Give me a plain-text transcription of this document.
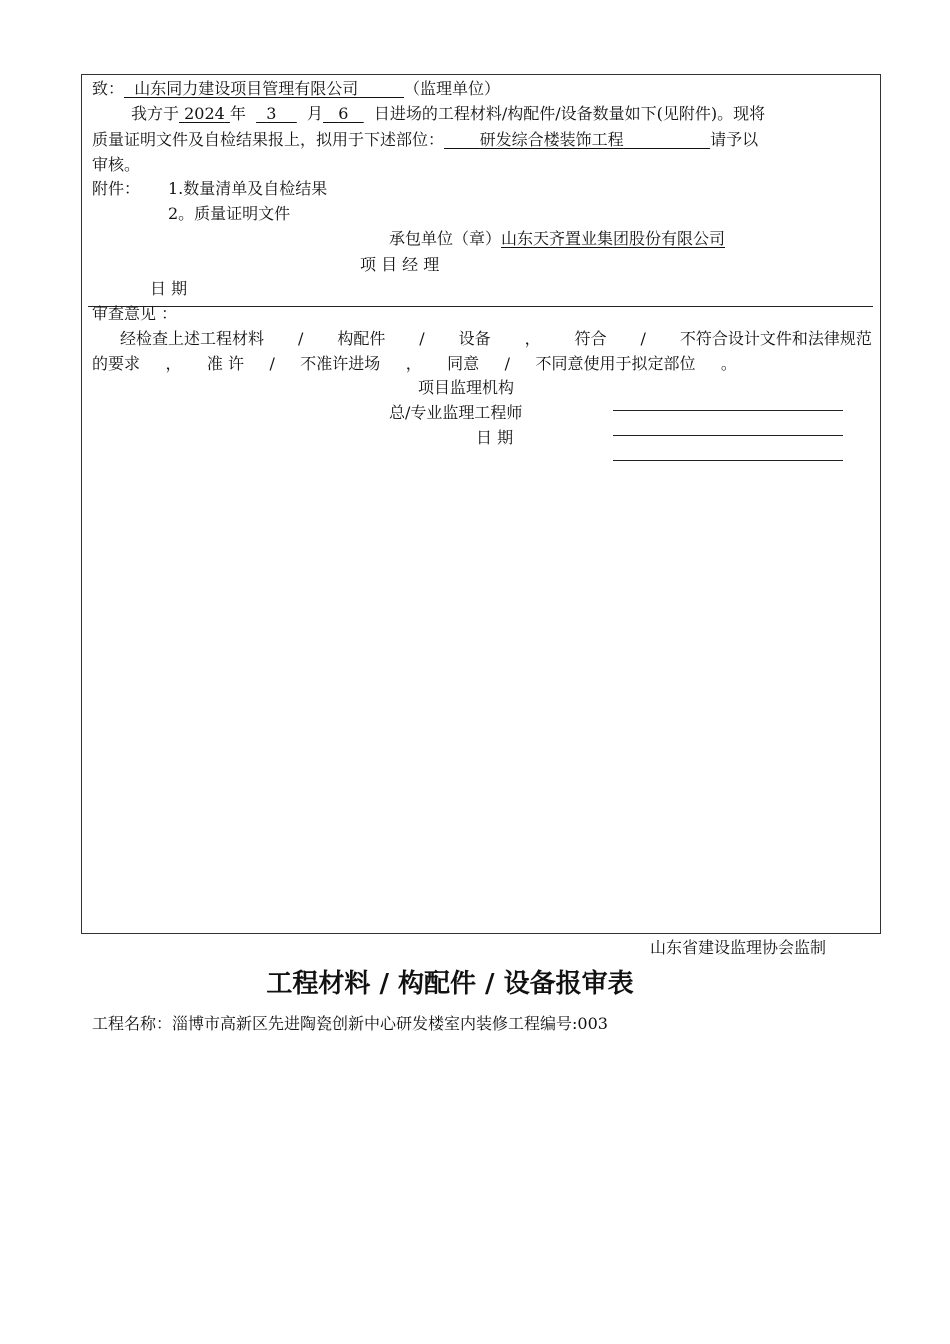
致： 山东同力建设项目管理有限公司	（监理单位）
我方于 2024 年 3 月 6 日进场的工程材料/构配件/设备数量如下(见附件)。现将
质量证明文件及自检结果报上，拟用于下述部位： 研发综合楼装饰工程	请予以
审核。
附件： 1.数量清单及自检结果
2。质量证明文件
承包单位（章）山东天齐置业集团股份有限公司
项 目 经 理
日 期
审查意见 ：
经检查上述工程材料 / 构配件 / 设备 ， 符合 / 不符合设计文件和法律规范
的要求 ， 准 许 / 不准许进场 ， 同意 / 不同意使用于拟定部位 。
项目监理机构
总/专业监理工程师
日 期
山东省建设监理协会监制
工程材料 / 构配件 / 设备报审表
工程名称：淄博市高新区先进陶瓷创新中心研发楼室内装修工程编号:003
